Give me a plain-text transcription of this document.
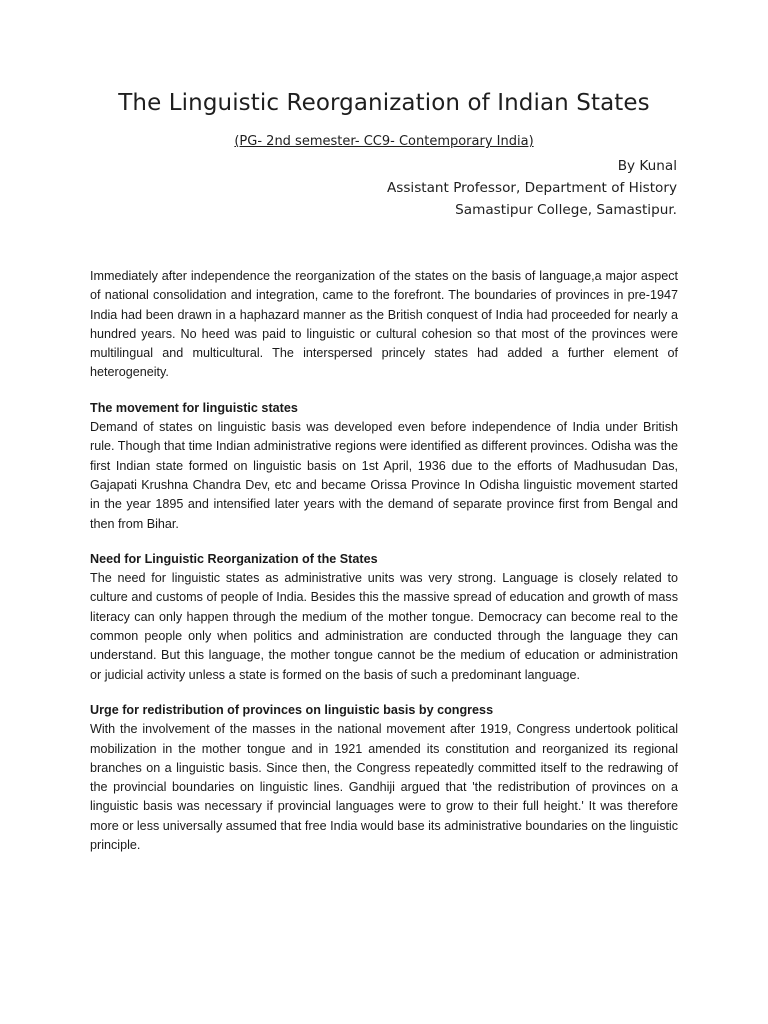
The Linguistic Reorganization of Indian States

(PG- 2nd semester- CC9- Contemporary India)

By Kunal
Assistant Professor, Department of History
Samastipur College, Samastipur.

Immediately after independence the reorganization of the states on the basis of language,a major aspect of national consolidation and integration, came to the forefront. The boundaries of provinces in pre-1947 India had been drawn in a haphazard manner as the British conquest of India had proceeded for nearly a hundred years. No heed was paid to linguistic or cultural cohesion so that most of the provinces were multilingual and multicultural. The interspersed princely states had added a further element of heterogeneity.

The movement for linguistic states

Demand of states on linguistic basis was developed even before independence of India under British rule. Though that time Indian administrative regions were identified as different provinces. Odisha was the first Indian state formed on linguistic basis on 1st April, 1936 due to the efforts of Madhusudan Das, Gajapati Krushna Chandra Dev, etc and became Orissa Province In Odisha linguistic movement started in the year 1895 and intensified later years with the demand of separate province first from Bengal and then from Bihar.

Need for Linguistic Reorganization of the States

The need for linguistic states as administrative units was very strong. Language is closely related to culture and customs of people of India. Besides this the massive spread of education and growth of mass literacy can only happen through the medium of the mother tongue. Democracy can become real to the common people only when politics and administration are conducted through the language they can understand. But this language, the mother tongue cannot be the medium of education or administration or judicial activity unless a state is formed on the basis of such a predominant language.

Urge for redistribution of provinces on linguistic basis by congress

With the involvement of the masses in the national movement after 1919, Congress undertook political mobilization in the mother tongue and in 1921 amended its constitution and reorganized its regional branches on a linguistic basis. Since then, the Congress repeatedly committed itself to the redrawing of the provincial boundaries on linguistic lines. Gandhiji argued that 'the redistribution of provinces on a linguistic basis was necessary if provincial languages were to grow to their full height.' It was therefore more or less universally assumed that free India would base its administrative boundaries on the linguistic principle.
